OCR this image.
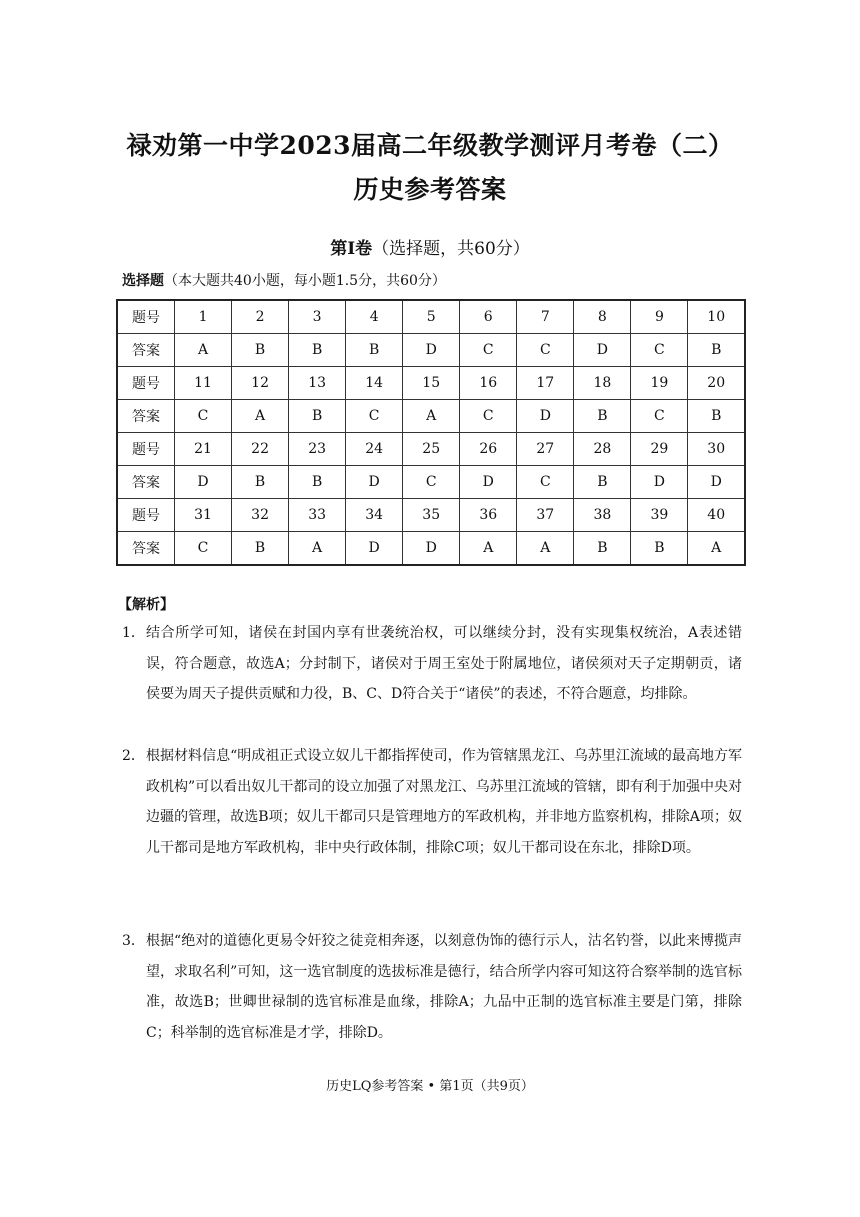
禄劝第一中学2023届高二年级教学测评月考卷（二）
历史参考答案
第Ⅰ卷（选择题，共60分）
选择题（本大题共40小题，每小题1.5分，共60分）
题号	1	2	3	4	5	6	7	8	9	10
答案	A	B	B	B	D	C	C	D	C	B
题号	11	12	13	14	15	16	17	18	19	20
答案	C	A	B	C	A	C	D	B	C	B
题号	21	22	23	24	25	26	27	28	29	30
答案	D	B	B	D	C	D	C	B	D	D
题号	31	32	33	34	35	36	37	38	39	40
答案	C	B	A	D	D	A	A	B	B	A
【解析】
1． 结合所学可知，诸侯在封国内享有世袭统治权，可以继续分封，没有实现集权统治，A表述错误，符合题意，故选A；分封制下，诸侯对于周王室处于附属地位，诸侯须对天子定期朝贡，诸侯要为周天子提供贡赋和力役，B、C、D符合关于“诸侯”的表述，不符合题意，均排除。
2． 根据材料信息“明成祖正式设立奴儿干都指挥使司，作为管辖黑龙江、乌苏里江流域的最高地方军政机构”可以看出奴儿干都司的设立加强了对黑龙江、乌苏里江流域的管辖，即有利于加强中央对边疆的管理，故选B项；奴儿干都司只是管理地方的军政机构，并非地方监察机构，排除A项；奴儿干都司是地方军政机构，非中央行政体制，排除C项；奴儿干都司设在东北，排除D项。
3． 根据“绝对的道德化更易令奸狡之徒竞相奔逐，以刻意伪饰的德行示人，沽名钓誉，以此来博揽声望，求取名利”可知，这一选官制度的选拔标准是德行，结合所学内容可知这符合察举制的选官标准，故选B；世卿世禄制的选官标准是血缘，排除A；九品中正制的选官标准主要是门第，排除C；科举制的选官标准是才学，排除D。
历史LQ参考答案 • 第1页（共9页）
